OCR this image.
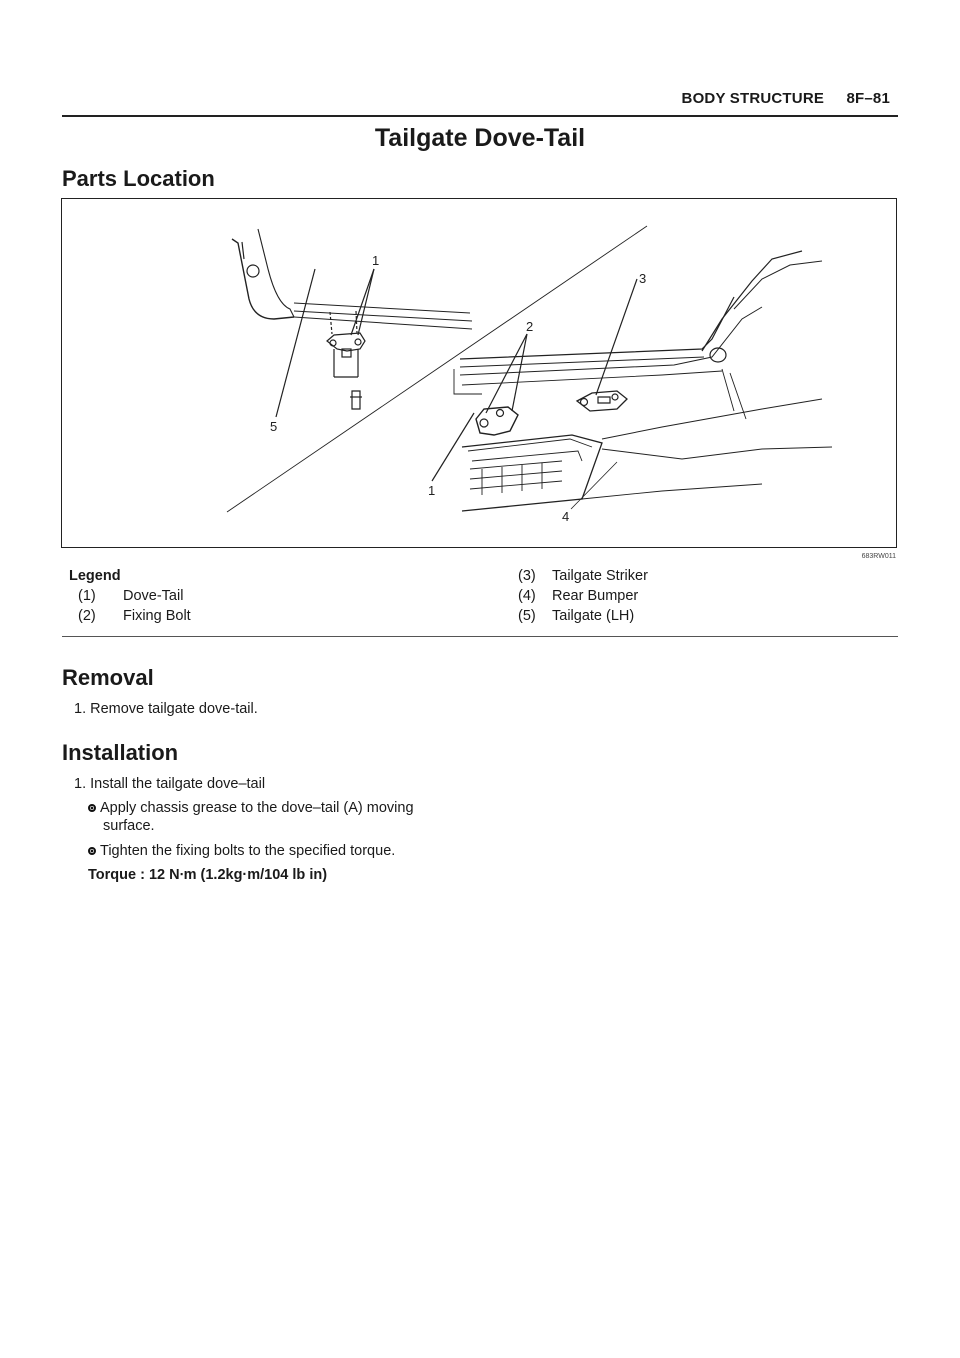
BODY STRUCTURE 8F–81
Tailgate Dove-Tail
Parts Location
1
5
3
2
1
4
683RW011
Legend
(1) Dove-Tail
(2) Fixing Bolt
(3) Tailgate Striker
(4) Rear Bumper
(5) Tailgate (LH)
Removal
1. Remove tailgate dove-tail.
Installation
1. Install the tailgate dove–tail
Apply chassis grease to the dove–tail (A) moving
surface.
Tighten the fixing bolts to the specified torque.
Torque : 12 N∙m (1.2kg·m/104 lb in)
